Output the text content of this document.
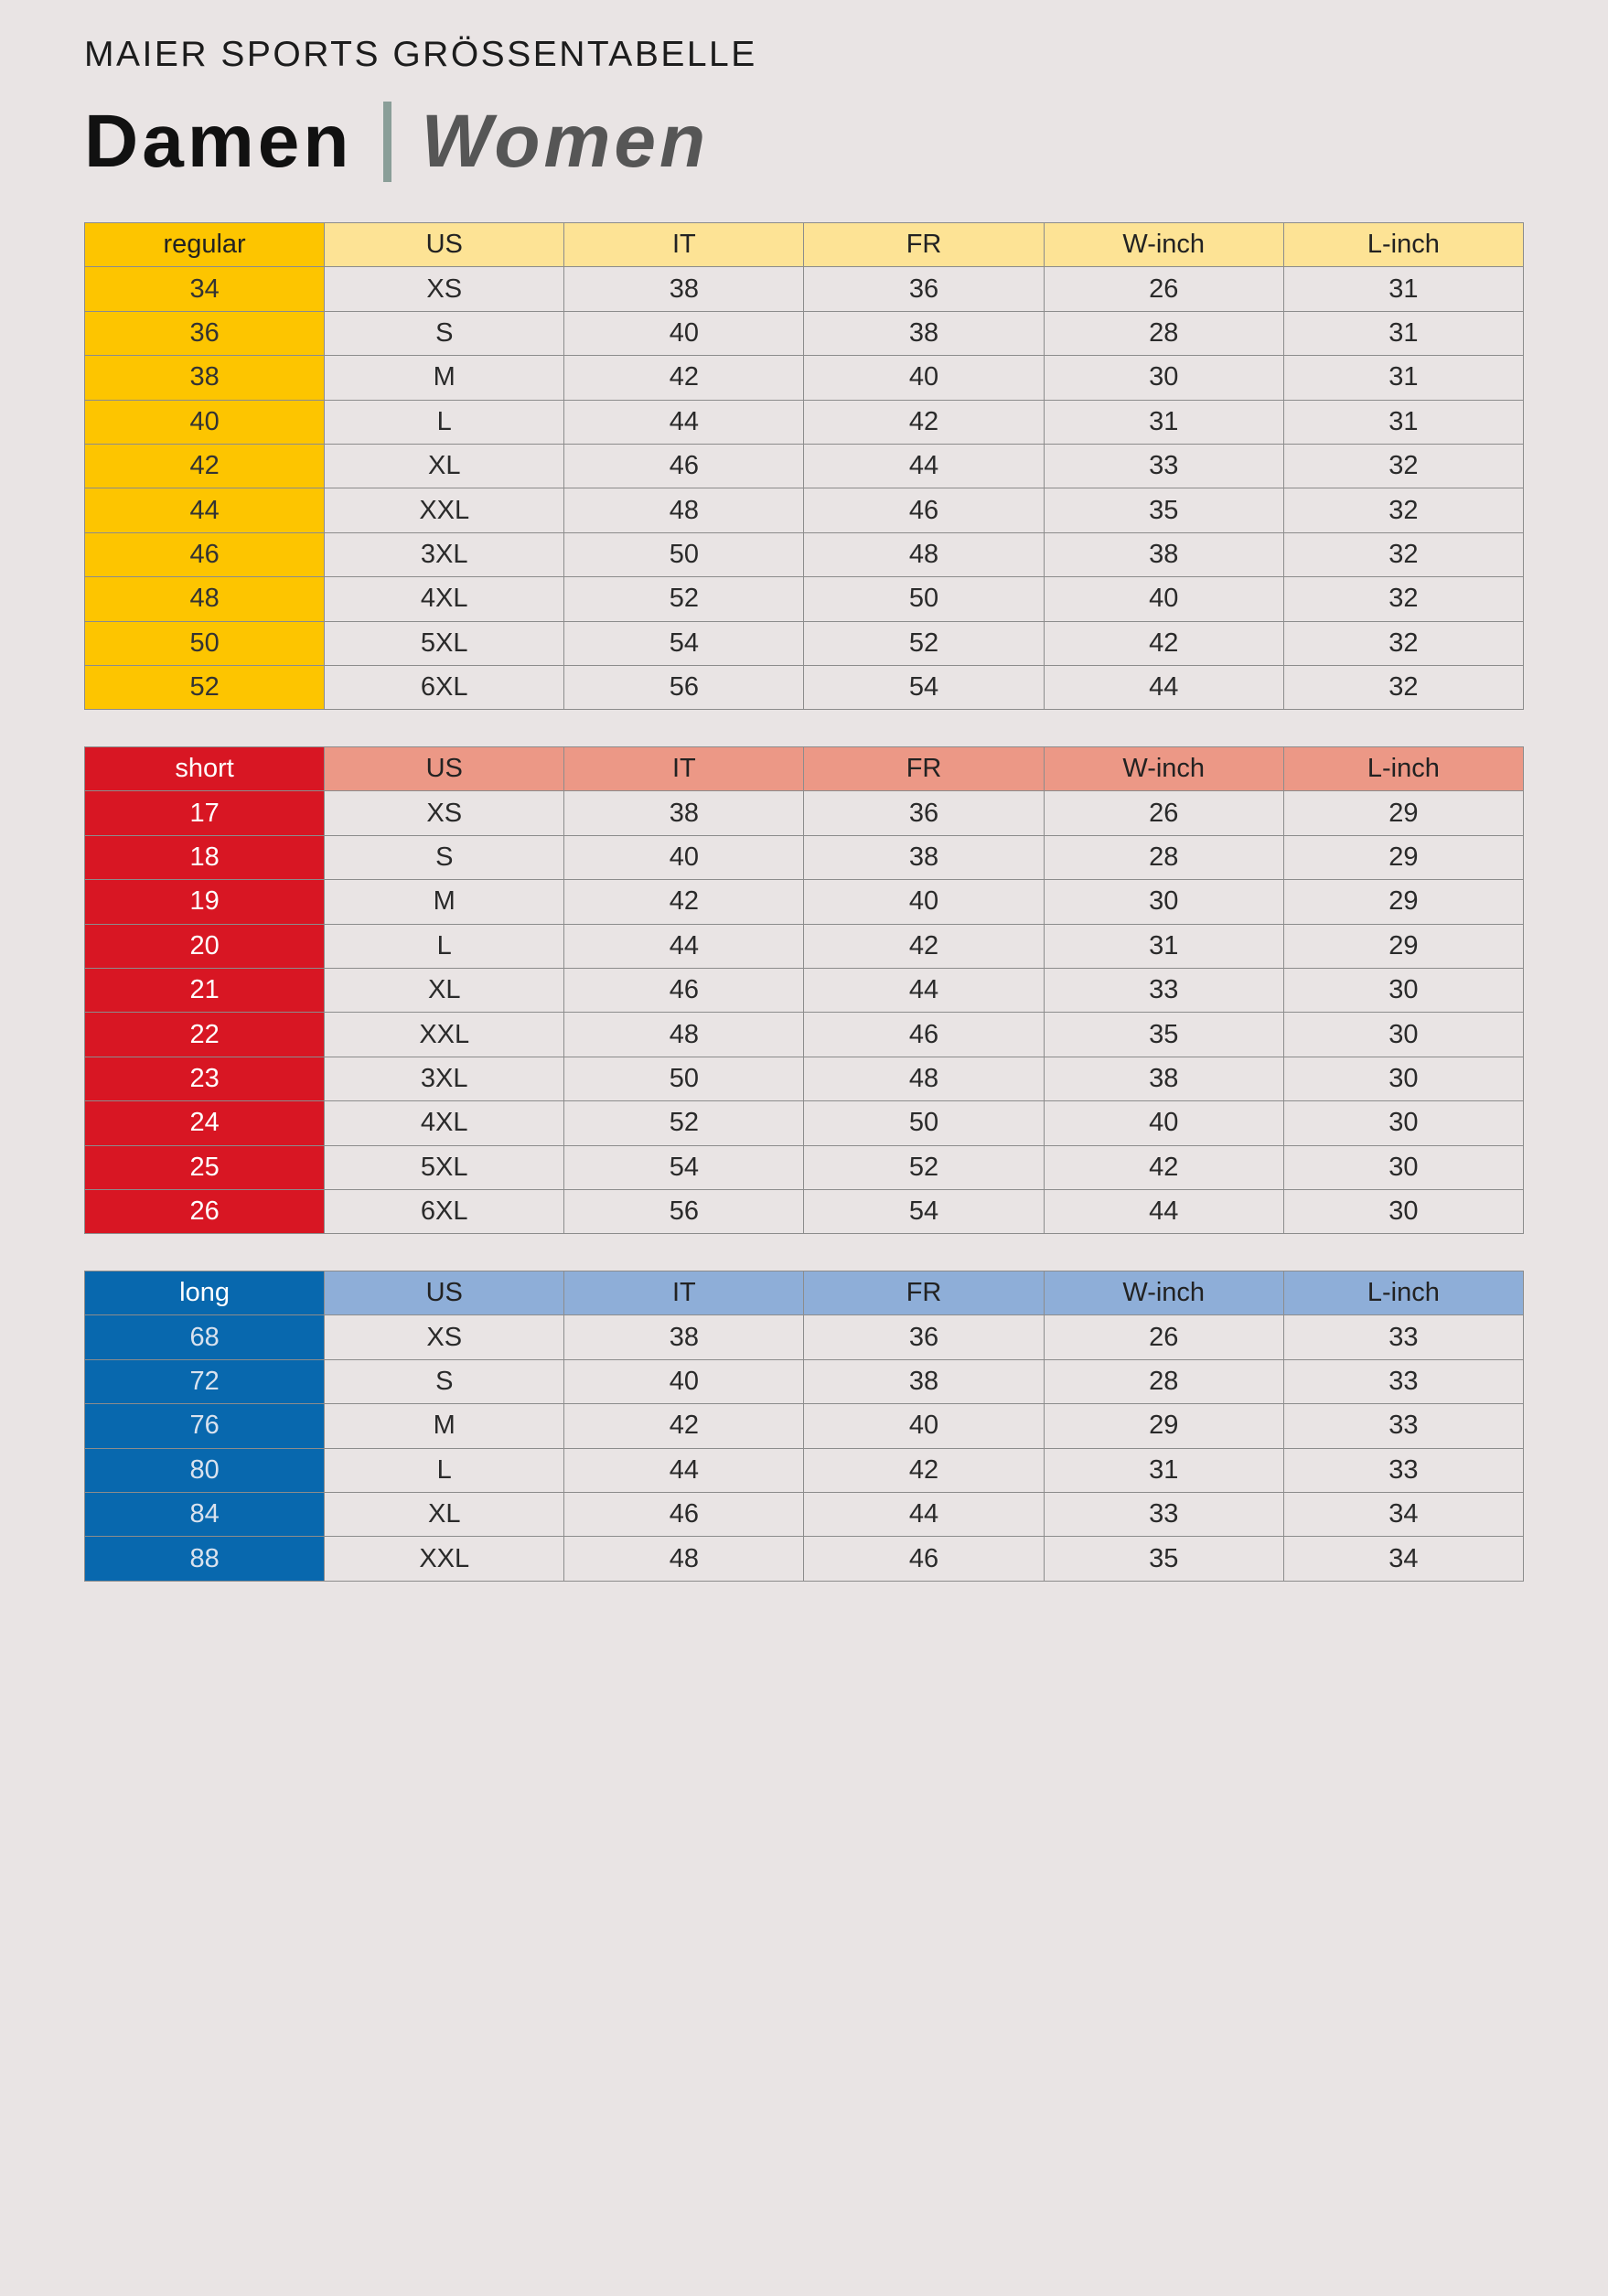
MAIER SPORTS GRÖSSENTABELLE
Damen Women
regular	US	IT	FR	W-inch	L-inch
34	XS	38	36	26	31
36	S	40	38	28	31
38	M	42	40	30	31
40	L	44	42	31	31
42	XL	46	44	33	32
44	XXL	48	46	35	32
46	3XL	50	48	38	32
48	4XL	52	50	40	32
50	5XL	54	52	42	32
52	6XL	56	54	44	32
short	US	IT	FR	W-inch	L-inch
17	XS	38	36	26	29
18	S	40	38	28	29
19	M	42	40	30	29
20	L	44	42	31	29
21	XL	46	44	33	30
22	XXL	48	46	35	30
23	3XL	50	48	38	30
24	4XL	52	50	40	30
25	5XL	54	52	42	30
26	6XL	56	54	44	30
long	US	IT	FR	W-inch	L-inch
68	XS	38	36	26	33
72	S	40	38	28	33
76	M	42	40	29	33
80	L	44	42	31	33
84	XL	46	44	33	34
88	XXL	48	46	35	34
